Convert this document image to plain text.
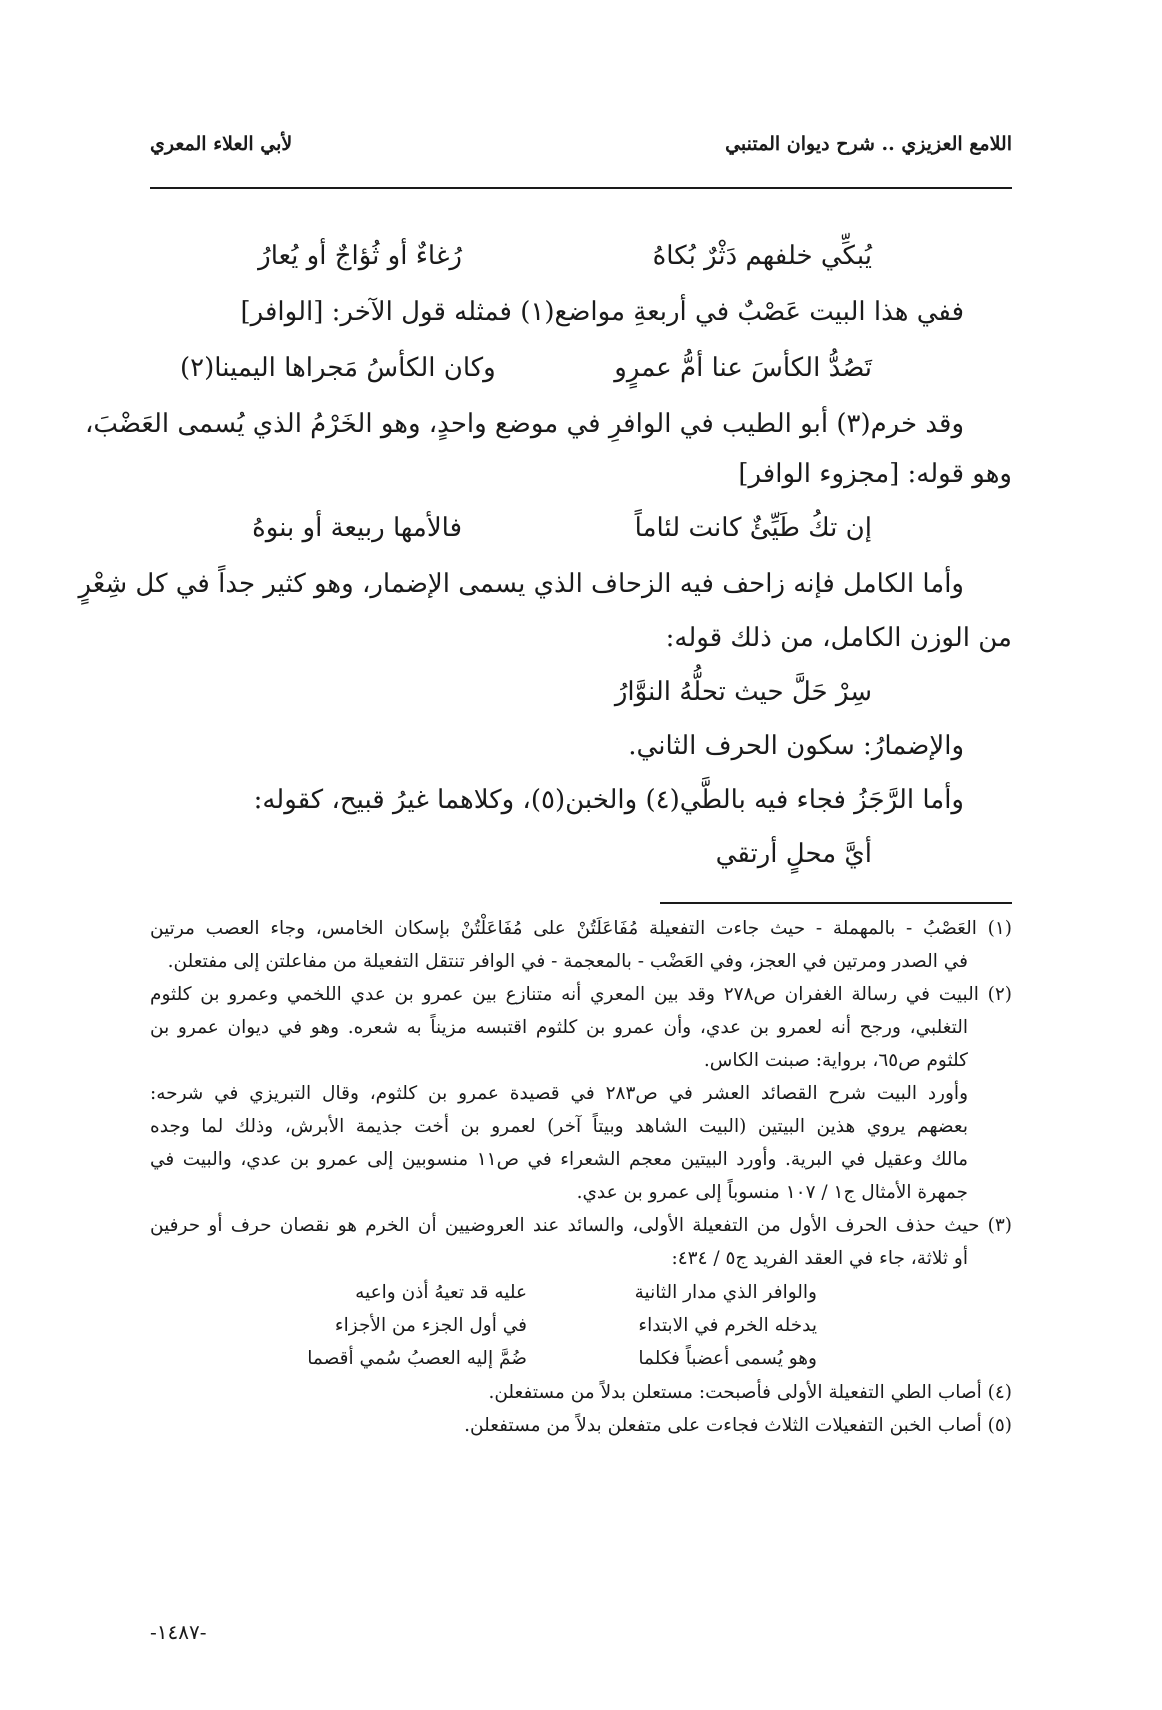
اللامع العزيزي .. شرح ديوان المتنبي
لأبي العلاء المعري
يُبكِّي خلفهم دَثْرٌ بُكاهُ
رُغاءٌ أو ثُؤاجٌ أو يُعارُ
ففي هذا البيت عَصْبٌ في أربعةِ مواضع(١) فمثله قول الآخر: [الوافر]
تَصُدُّ الكأسَ عنا أمُّ عمرٍو
وكان الكأسُ مَجراها اليمينا(٢)
وقد خرم(٣) أبو الطيب في الوافرِ في موضع واحدٍ، وهو الخَرْمُ الذي يُسمى العَضْبَ،
وهو قوله: [مجزوء الوافر]
إن تكُ طَيِّئٌ كانت لئاماً
فالأمها ربيعة أو بنوهُ
وأما الكامل فإنه زاحف فيه الزحاف الذي يسمى الإضمار، وهو كثير جداً في كل شِعْرٍ
من الوزن الكامل، من ذلك قوله:
سِرْ حَلَّ حيث تحلُّهُ النوَّارُ
والإضمارُ: سكون الحرف الثاني.
وأما الرَّجَزُ فجاء فيه بالطَّي(٤) والخبن(٥)، وكلاهما غيرُ قبيح، كقوله:
أيَّ محلٍ أرتقي
(١) العَصْبُ - بالمهملة - حيث جاءت التفعيلة مُفَاعَلَتُنْ على مُفَاعَلْتُنْ بإسكان الخامس، وجاء العصب مرتين
في الصدر ومرتين في العجز، وفي العَضْب - بالمعجمة - في الوافر تنتقل التفعيلة من مفاعلتن إلى مفتعلن.
(٢) البيت في رسالة الغفران ص٢٧٨ وقد بين المعري أنه متنازع بين عمرو بن عدي اللخمي وعمرو بن كلثوم
التغلبي، ورجح أنه لعمرو بن عدي، وأن عمرو بن كلثوم اقتبسه مزيناً به شعره. وهو في ديوان عمرو بن
كلثوم ص٦٥، برواية: صبنت الكاس.
وأورد البيت شرح القصائد العشر في ص٢٨٣ في قصيدة عمرو بن كلثوم، وقال التبريزي في شرحه:
بعضهم يروي هذين البيتين (البيت الشاهد وبيتاً آخر) لعمرو بن أخت جذيمة الأبرش، وذلك لما وجده
مالك وعقيل في البرية. وأورد البيتين معجم الشعراء في ص١١ منسوبين إلى عمرو بن عدي، والبيت في
جمهرة الأمثال ج١ / ١٠٧ منسوباً إلى عمرو بن عدي.
(٣) حيث حذف الحرف الأول من التفعيلة الأولى، والسائد عند العروضيين أن الخرم هو نقصان حرف أو حرفين
أو ثلاثة، جاء في العقد الفريد ج٥ / ٤٣٤:
والوافر الذي مدار الثانية
عليه قد تعيهُ أذن واعيه
يدخله الخرم في الابتداء
في أول الجزء من الأجزاء
وهو يُسمى أعضباً فكلما
ضُمَّ إليه العصبُ سُمي أقصما
(٤) أصاب الطي التفعيلة الأولى فأصبحت: مستعلن بدلاً من مستفعلن.
(٥) أصاب الخبن التفعيلات الثلاث فجاءت على متفعلن بدلاً من مستفعلن.
-١٤٨٧-
